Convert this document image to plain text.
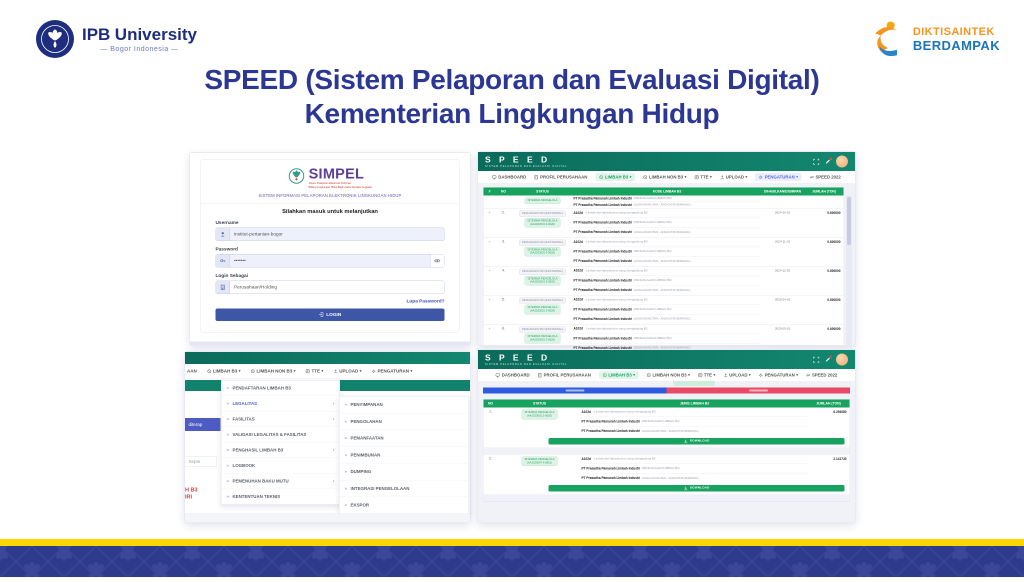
IPB University
— Bogor Indonesia —
DIKTISAINTEK
BERDAMPAK
SPEED (Sistem Pelaporan dan Evaluasi Digital)
Kementerian Lingkungan Hidup
SIMPEL
Sistem Pelaporan Elektronik Perizinan
Bidang Lingkungan Hidup Bagi Usaha dan/atau Kegiatan
SISTEM INFORMASI PELAPORAN ELEKTRONIK LINGKUNGAN HIDUP
Silahkan masuk untuk melanjutkan
Username
institut-pertanian-bogor
Password
•••••••
Login Sebagai
Perusahaan/Holding
Lupa Password?
LOGIN
S P E E D
SISTEM PELAPORAN DAN EVALUASI DIGITAL
DASHBOARD PROFIL PERUSAHAAN LIMBAH B3 ▾ LIMBAH NON B3 ▾ TTE ▾ UPLOAD ▾ PENGATURAN ▾ SPEED 2022
#	NO	STATUS	KODE LIMBAH B3	DIHASILKAN/DISIMPAN	JUMLAH (TON)
DITERIMA PENGELOLA
PT Prasadha Pamunah Limbah Industri (PENGOLAHAN LIMBAH B3)
PT Prasadha Pamunah Limbah Industri (JASA ANGKUTAN - ANGKUTAN BARANG)
+	2.	PENGANGKUTAN (EKSTERNAL)
DITERIMA PENGELOLA
(AA2023001 3-0620)
A102d - Limbah dari laboratorium yang mengandung B3
PT Prasadha Pamunah Limbah Industri (PENGOLAHAN LIMBAH B3)
PT Prasadha Pamunah Limbah Industri (JASA ANGKUTAN - ANGKUTAN BARANG)
2024-10-01	0.600000
+	3.	PENGANGKUTAN (EKSTERNAL)
DITERIMA PENGELOLA
(AA2023001 3-0620)
A102d - Limbah dari laboratorium yang mengandung B3
PT Prasadha Pamunah Limbah Industri (PENGOLAHAN LIMBAH B3)
PT Prasadha Pamunah Limbah Industri (JASA ANGKUTAN - ANGKUTAN BARANG)
2024-11-01	0.600000
+	4.	PENGANGKUTAN (EKSTERNAL)
DITERIMA PENGELOLA
(AA2023001 3-0620)
A102d - Limbah dari laboratorium yang mengandung B3
PT Prasadha Pamunah Limbah Industri (PENGOLAHAN LIMBAH B3)
PT Prasadha Pamunah Limbah Industri (JASA ANGKUTAN - ANGKUTAN BARANG)
2024-12-02	0.600000
+	5.	PENGANGKUTAN (EKSTERNAL)
DITERIMA PENGELOLA
(AA2023001 3-0620)
A102d - Limbah dari laboratorium yang mengandung B3
PT Prasadha Pamunah Limbah Industri (PENGOLAHAN LIMBAH B3)
PT Prasadha Pamunah Limbah Industri (JASA ANGKUTAN - ANGKUTAN BARANG)
2025-04-01	0.600000
+	6.	PENGANGKUTAN (EKSTERNAL)
DITERIMA PENGELOLA
(AA2023001 3-0620)
A102d - Limbah dari laboratorium yang mengandung B3
PT Prasadha Pamunah Limbah Industri (PENGOLAHAN LIMBAH B3)
PT Prasadha Pamunah Limbah Industri (JASA ANGKUTAN - ANGKUTAN BARANG)
2025-05-01	0.600000
AAN LIMBAH B3 ▾ LIMBAH NON B3 ▾ TTE ▾ UPLOAD ▾ PENGATURAN ▾
diterap
Septe
H B3
IRI
» PENDAFTARAN LIMBAH B3
» LEGALITAS	›
» FASILITAS	›
» VALIDASI LEGALITAS & FASILITAS
» PENGHASIL LIMBAH B3	›
» LOGBOOK
» PEMENUHAN BAKU MUTU	›
» KENTENTUAN TEKNIS
» PENYIMPANAN
» PENGOLAHAN
» PEMANFAATAN
» PENIMBUNAN
» DUMPING
» INTEGRASI PENGELOLAAN
» EKSPOR
S P E E D
SISTEM PELAPORAN DAN EVALUASI DIGITAL
DASHBOARD PROFIL PERUSAHAAN LIMBAH B3 ▾ LIMBAH NON B3 ▾ TTE ▾ UPLOAD ▾ PENGATURAN ▾ SPEED 2022
NO	STATUS	JENIS LIMBAH B3	JUMLAH (TON)
1.	DITERIMA PENGELOLA
(AA2023001 2-0620)
A102d - Limbah dari laboratorium yang mengandung B3
PT Prasadha Pamunah Limbah Industri (PENGOLAHAN LIMBAH B3)
PT Prasadha Pamunah Limbah Industri (JASA ANGKUTAN - ANGKUTAN BARANG)
6.294080
DOWNLOAD
2.	DITERIMA PENGELOLA
(AA2023047 4-0801)
A102d - Limbah dari laboratorium yang mengandung B3
PT Prasadha Pamunah Limbah Industri (PENGOLAHAN LIMBAH B3)
PT Prasadha Pamunah Limbah Industri (JASA ANGKUTAN - ANGKUTAN BARANG)
2.141740
DOWNLOAD
